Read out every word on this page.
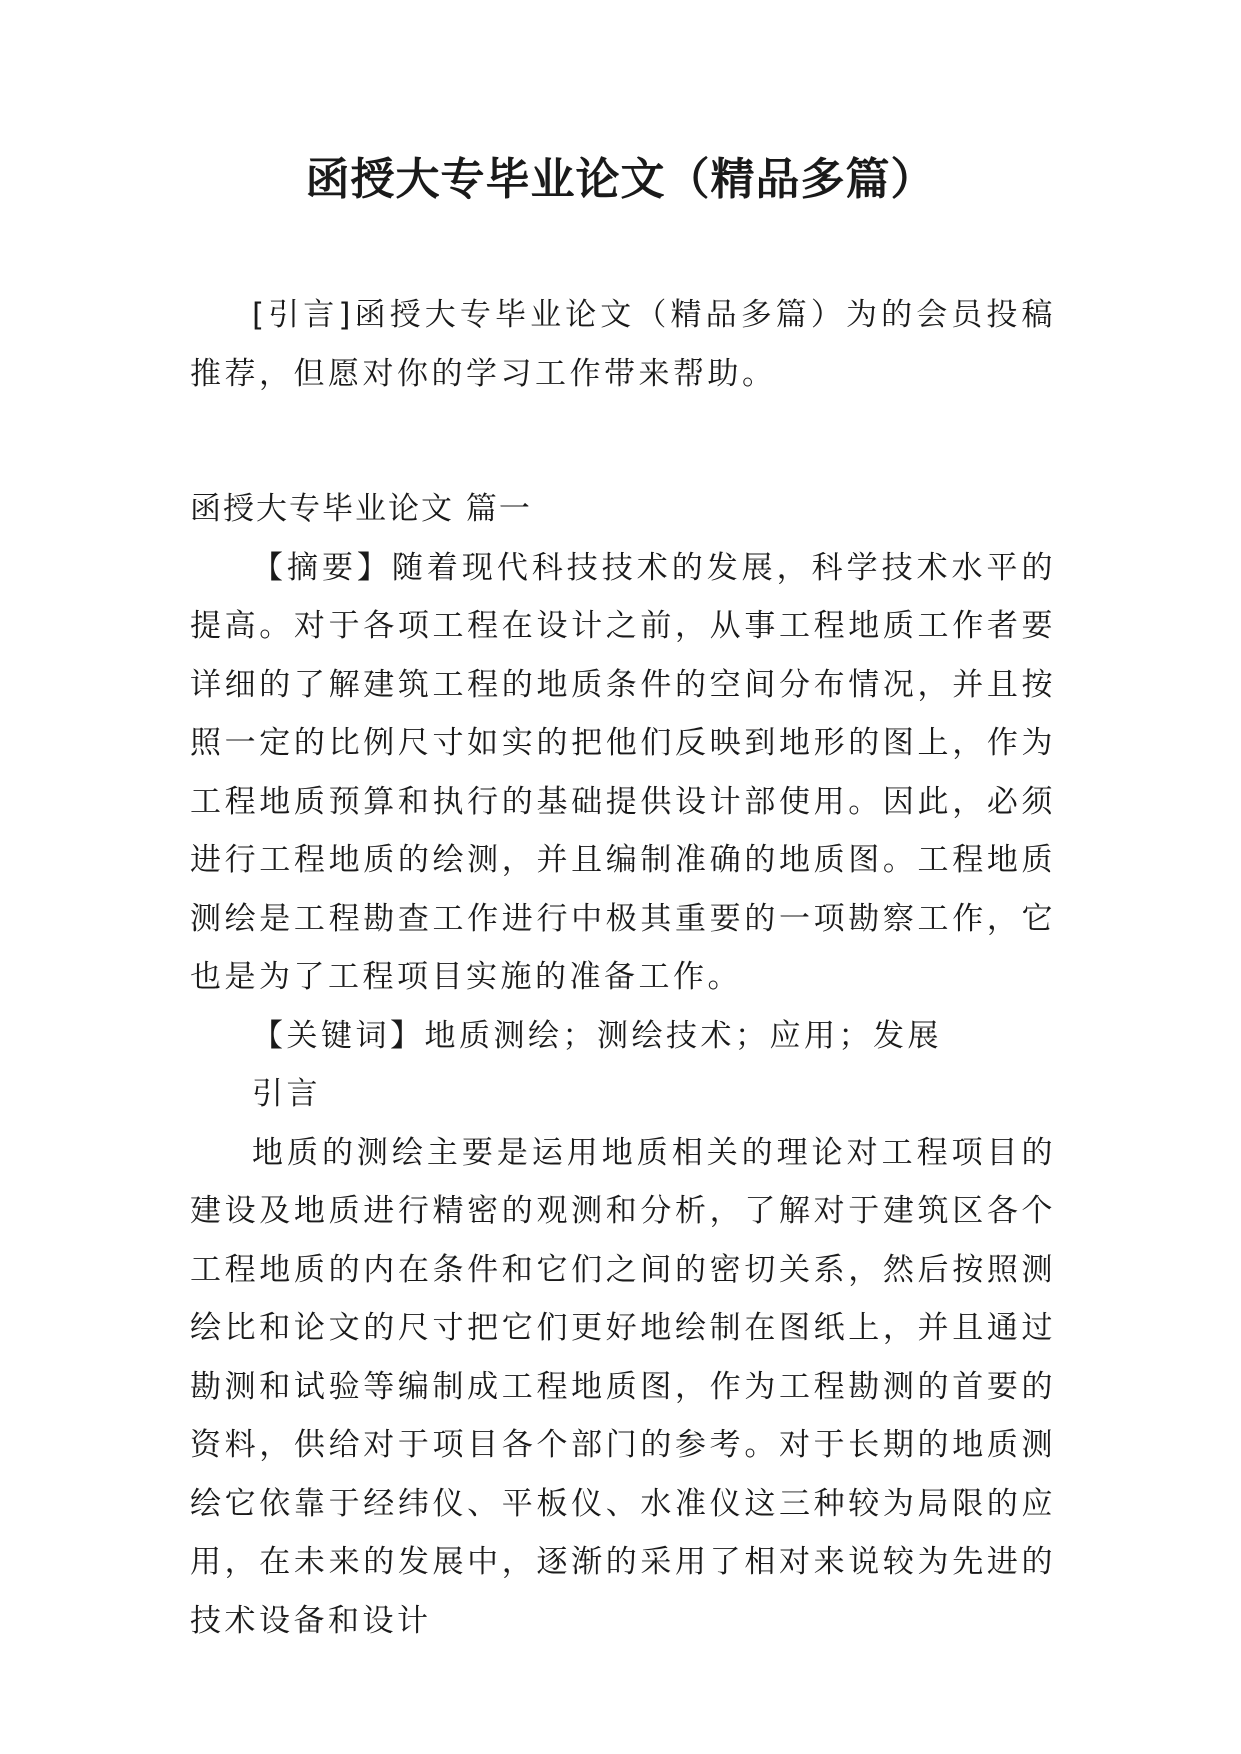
函授大专毕业论文（精品多篇）

[引言]函授大专毕业论文（精品多篇）为的会员投稿推荐，但愿对你的学习工作带来帮助。

函授大专毕业论文 篇一

【摘要】随着现代科技技术的发展，科学技术水平的提高。对于各项工程在设计之前，从事工程地质工作者要详细的了解建筑工程的地质条件的空间分布情况，并且按照一定的比例尺寸如实的把他们反映到地形的图上，作为工程地质预算和执行的基础提供设计部使用。因此，必须进行工程地质的绘测，并且编制准确的地质图。工程地质测绘是工程勘查工作进行中极其重要的一项勘察工作，它也是为了工程项目实施的准备工作。

【关键词】地质测绘；测绘技术；应用；发展

引言

地质的测绘主要是运用地质相关的理论对工程项目的建设及地质进行精密的观测和分析，了解对于建筑区各个工程地质的内在条件和它们之间的密切关系，然后按照测绘比和论文的尺寸把它们更好地绘制在图纸上，并且通过勘测和试验等编制成工程地质图，作为工程勘测的首要的资料，供给对于项目各个部门的参考。对于长期的地质测绘它依靠于经纬仪、平板仪、水准仪这三种较为局限的应用，在未来的发展中，逐渐的采用了相对来说较为先进的技术设备和设计
